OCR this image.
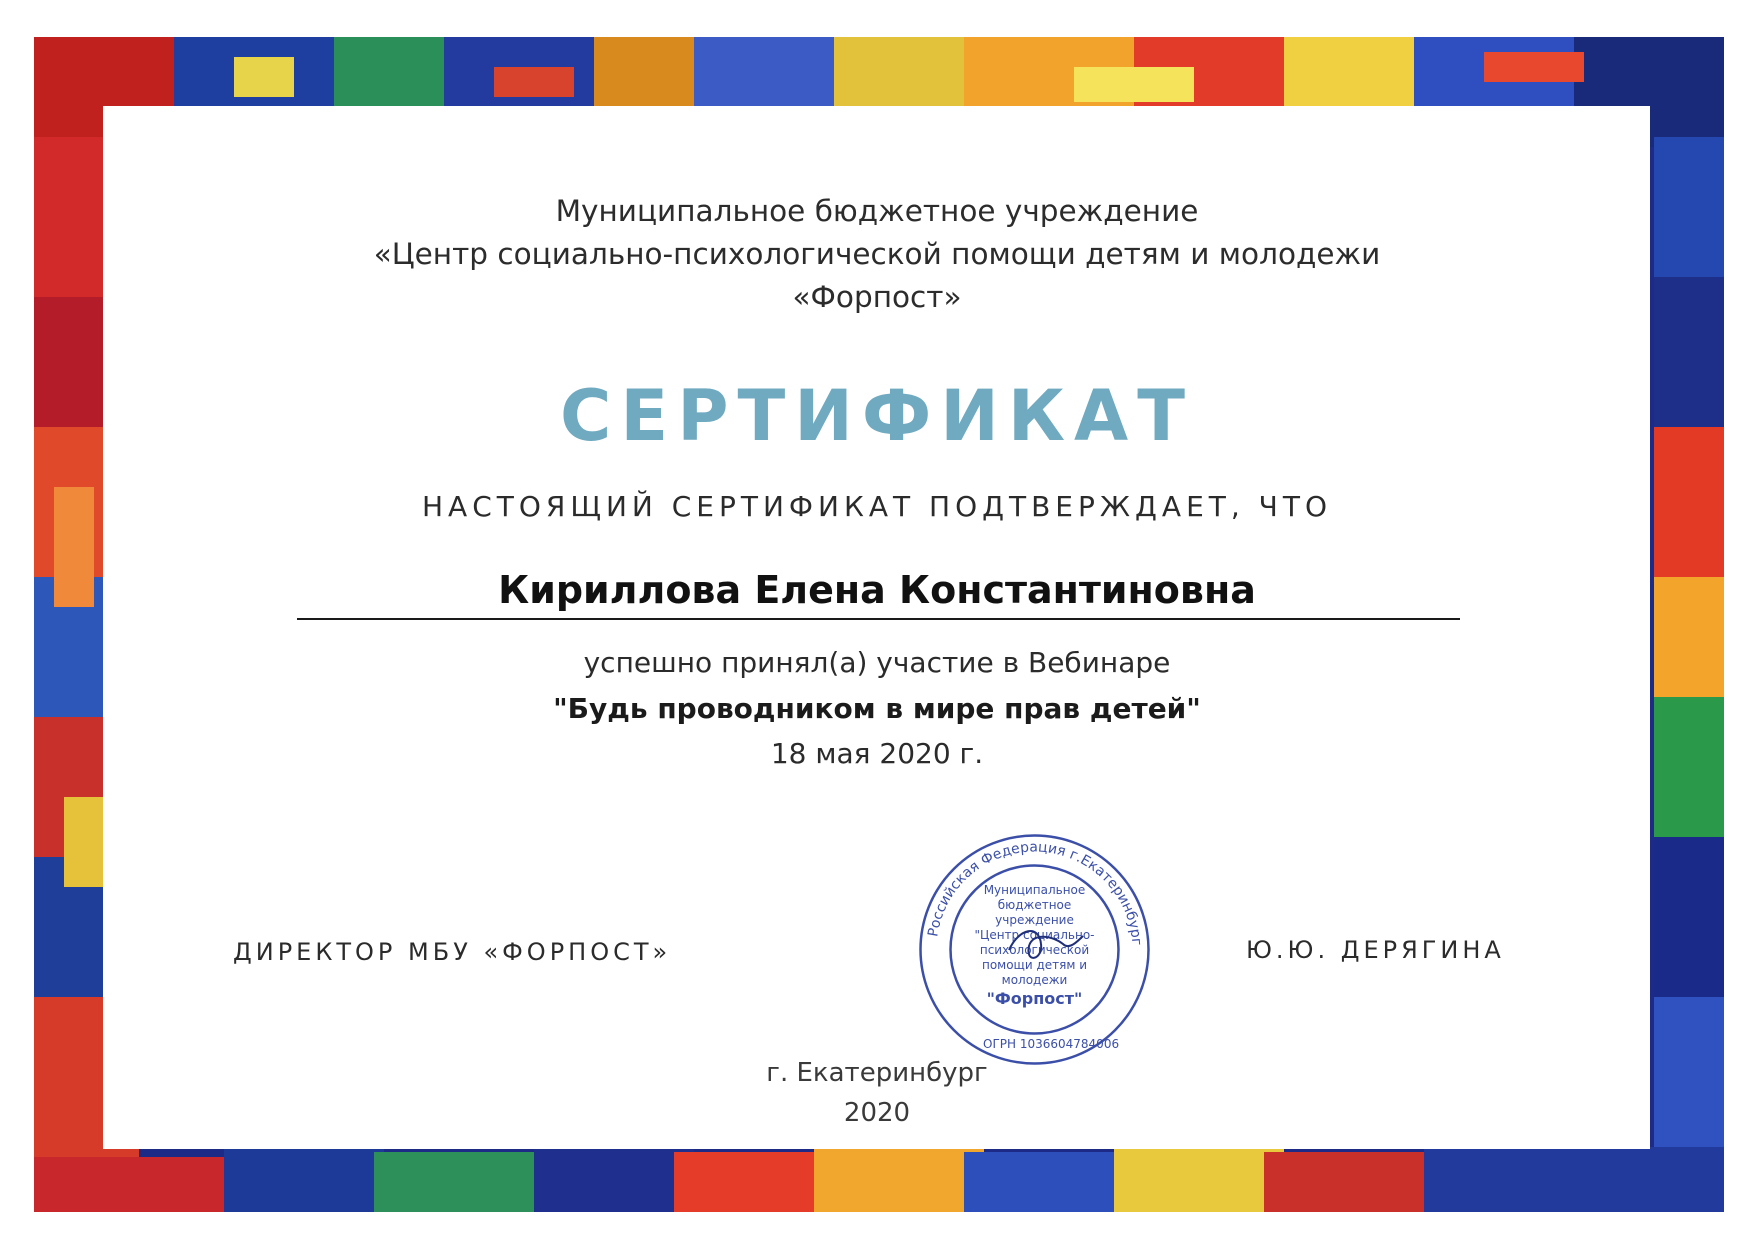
Муниципальное бюджетное учреждение
«Центр социально-психологической помощи детям и молодежи
«Форпост»
СЕРТИФИКАТ
НАСТОЯЩИЙ СЕРТИФИКАТ ПОДТВЕРЖДАЕТ, ЧТО
Кириллова Елена Константиновна
успешно принял(а) участие в Вебинаре
"Будь проводником в мире прав детей"
18 мая 2020 г.
ДИРЕКТОР МБУ «ФОРПОСТ»	Ю.Ю. ДЕРЯГИНА
Российская Федерация г.Екатеринбург
ОГРН 1036604784006
Муниципальное
бюджетное
учреждение
"Центр социально-
психологической
помощи детям и
молодежи
"Форпост"
г. Екатеринбург
2020
